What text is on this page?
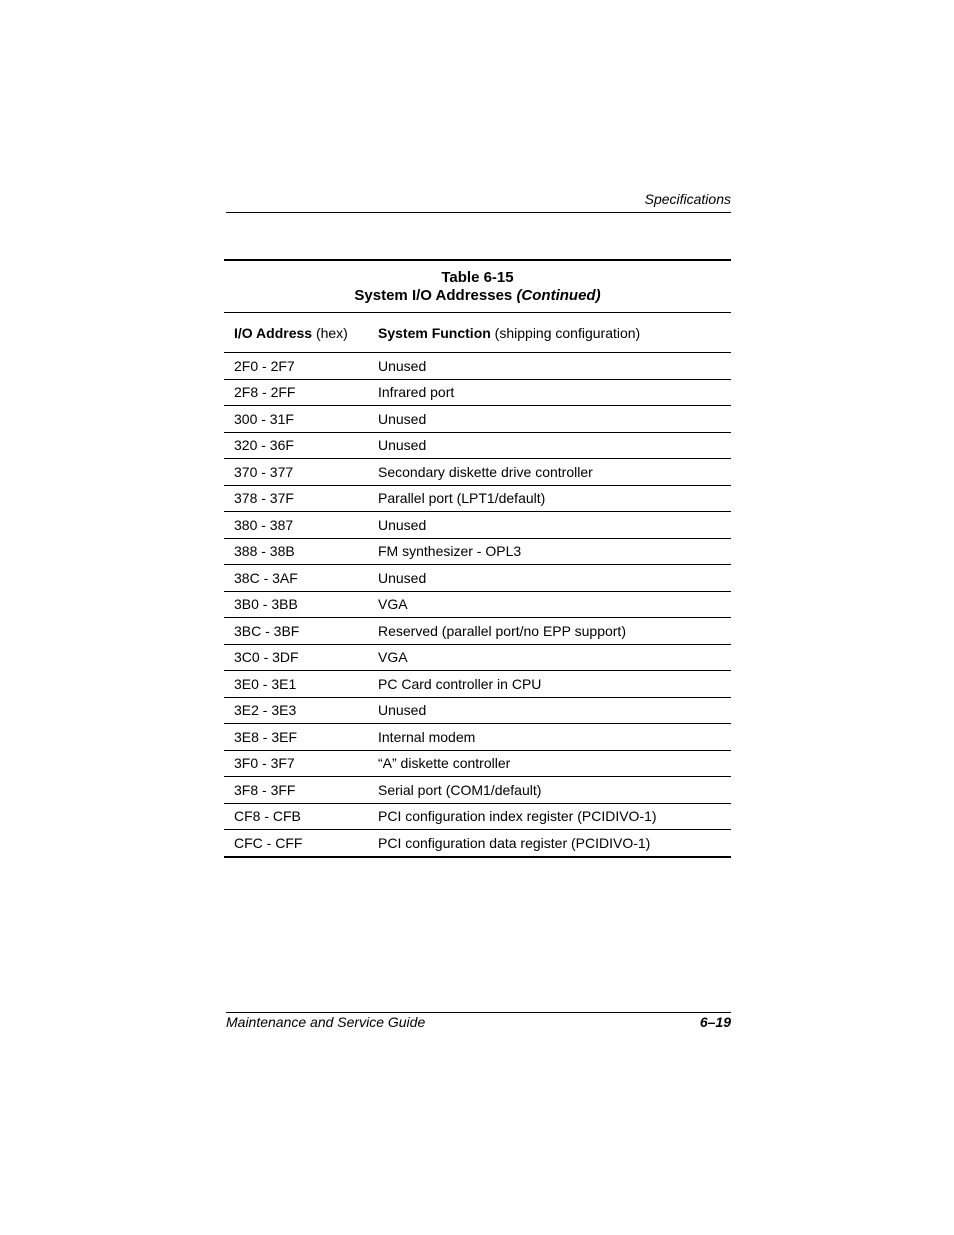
Specifications
Table 6-15
System I/O Addresses (Continued)
I/O Address (hex)	System Function (shipping configuration)
2F0 - 2F7	Unused
2F8 - 2FF	Infrared port
300 - 31F	Unused
320 - 36F	Unused
370 - 377	Secondary diskette drive controller
378 - 37F	Parallel port (LPT1/default)
380 - 387	Unused
388 - 38B	FM synthesizer - OPL3
38C - 3AF	Unused
3B0 - 3BB	VGA
3BC - 3BF	Reserved (parallel port/no EPP support)
3C0 - 3DF	VGA
3E0 - 3E1	PC Card controller in CPU
3E2 - 3E3	Unused
3E8 - 3EF	Internal modem
3F0 - 3F7	“A” diskette controller
3F8 - 3FF	Serial port (COM1/default)
CF8 - CFB	PCI configuration index register (PCIDIVO-1)
CFC - CFF	PCI configuration data register (PCIDIVO-1)
Maintenance and Service Guide	6–19
